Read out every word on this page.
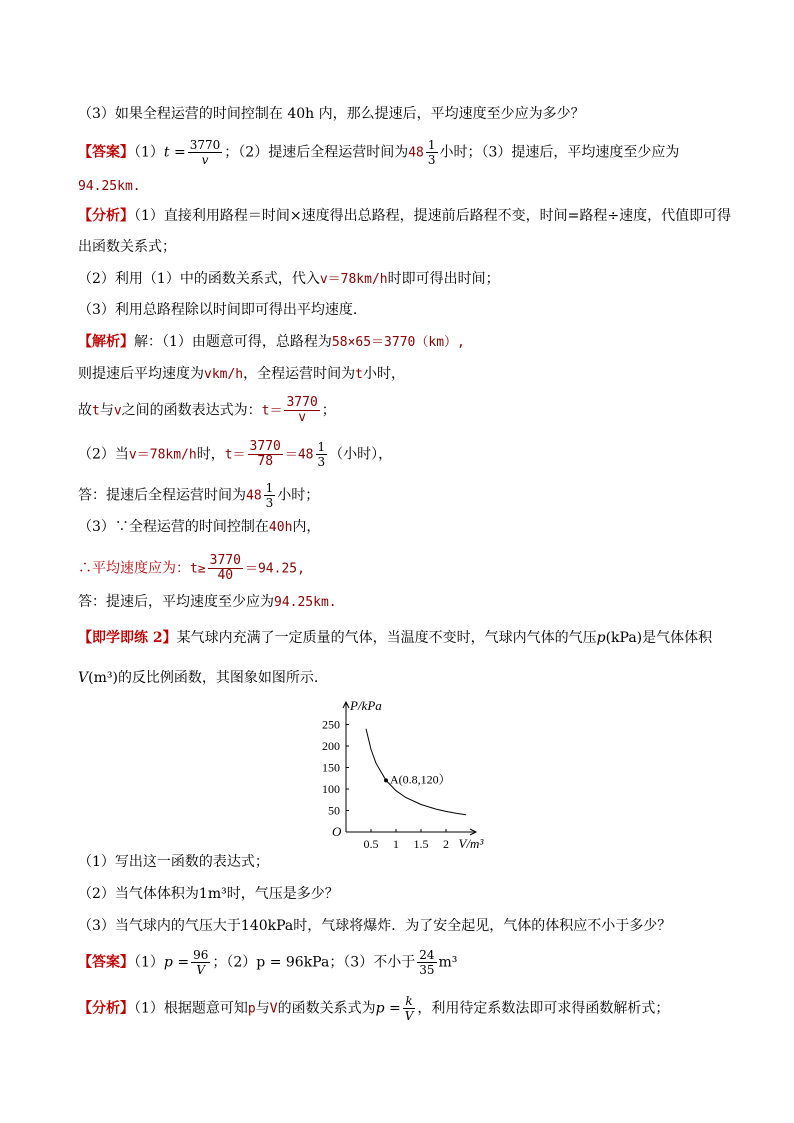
（3）如果全程运营的时间控制在 40h 内，那么提速后，平均速度至少应为多少？
【答案】$(1)t = \frac{3770}{v}$ ；（2）提速后全程运营时间为$48 \frac{1}{3}$ 小时；（3）提速后，平均速度至少应为
94.25km.
【分析】（1）直接利用路程＝时间×速度得出总路程，提速前后路程不变，时间=路程÷速度，代值即可得
出函数关系式；
（2）利用（1）中的函数关系式，代入v＝78km/h时即可得出时间；
（3）利用总路程除以时间即可得出平均速度.
【解析】解：（1）由题意可得，总路程为58×65＝3770（km）,
则提速后平均速度为vkm/h，全程运营时间为t小时，
故t与v之间的函数表达式为：$t= \frac{3770}{v}$ ；
（2）当v＝78km/h时，$t= \frac{3770}{78} =48 \frac{1}{3}$ （小时），
答：提速后全程运营时间为$48 \frac{1}{3}$ 小时；
（3）∵全程运营的时间控制在40h内，
∴平均速度应为：$t\ge \frac{3770}{40} =94.25$,
答：提速后，平均速度至少应为94.25km.
【即学即练 2】某气球内充满了一定质量的气体，当温度不变时，气球内气体的气压p(kPa)是气体体积
V(m³)的反比例函数，其图象如图所示.
P/kPa
V/m³
O
0.5 1 1.5 2
50
100
150
200
250
A(0.8,120）
（1）写出这一函数的表达式；
（2）当气体体积为1m³时，气压是多少？
（3）当气球内的气压大于140kPa时，气球将爆炸．为了安全起见，气体的体积应不小于多少？
【答案】$(1)p = \frac{96}{V}$ ；（2）p = 96kPa；（3）不小于 $\frac{24}{35} m^3$
【分析】（1）根据题意可知p与V的函数关系式为$p = \frac{k}{V}$ ，利用待定系数法即可求得函数解析式；
